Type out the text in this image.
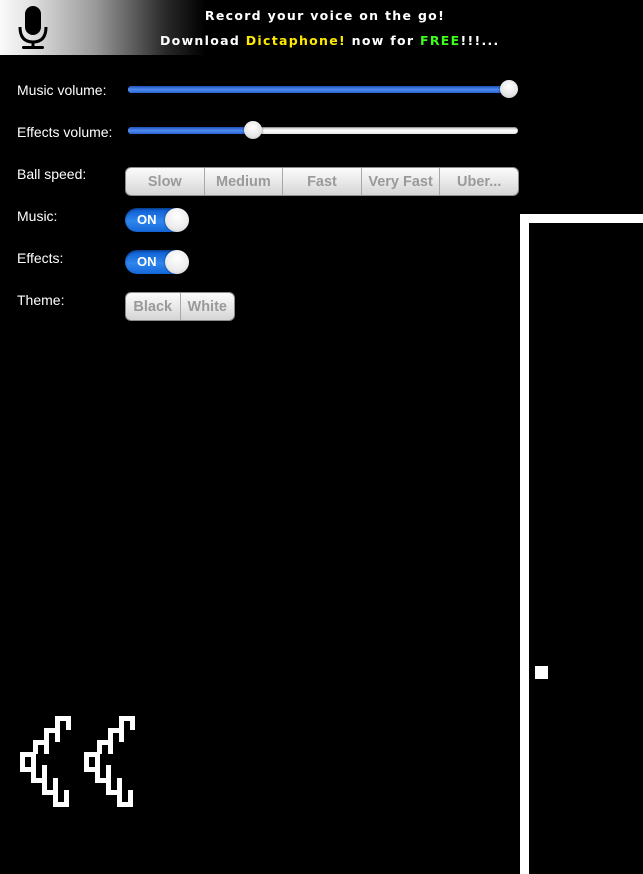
Record your voice on the go!
Download Dictaphone! now for FREE!!!...
Music volume:
Effects volume:
Ball speed:	Slow	Medium	Fast	Very Fast	Uber...
Music:	ON
Effects:	ON
Theme:	Black	White
